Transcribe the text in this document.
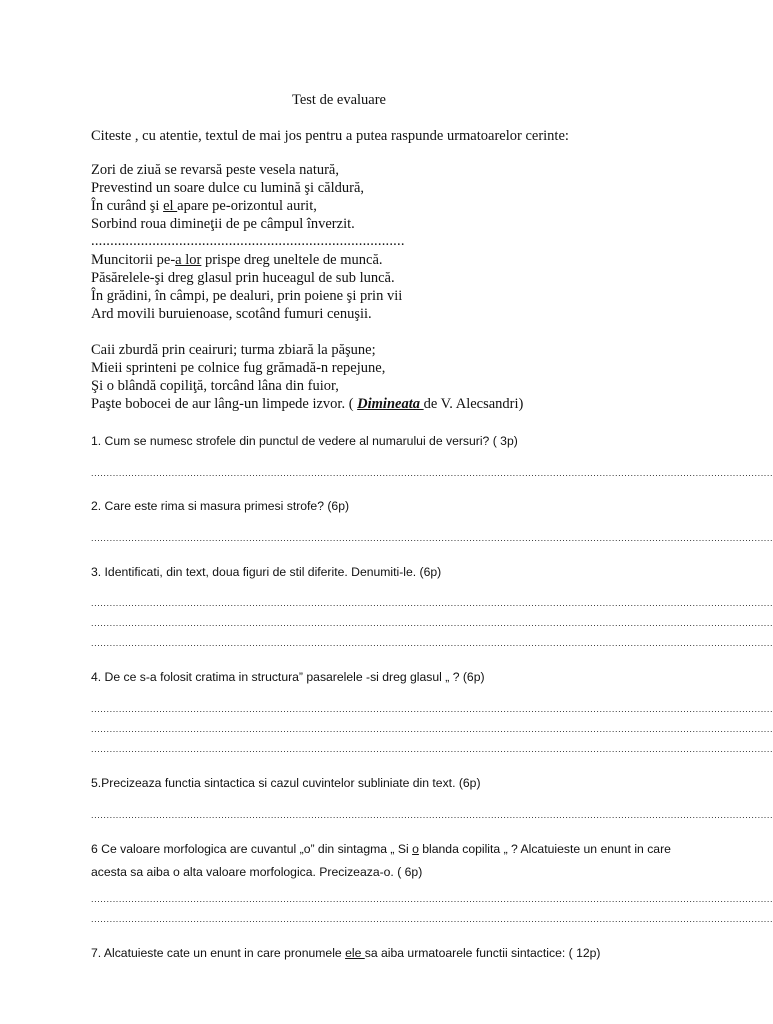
Test de evaluare
Citeste , cu atentie, textul de mai jos pentru a putea raspunde urmatoarelor cerinte:
Zori de ziuă se revarsă peste vesela natură,
Prevestind un soare dulce cu lumină şi căldură,
În curând şi el apare pe-orizontul aurit,
Sorbind roua dimineţii de pe câmpul înverzit.
..................................................................................
Muncitorii pe-a lor prispe dreg uneltele de muncă.
Păsărelele-şi dreg glasul prin huceagul de sub luncă.
În grădini, în câmpi, pe dealuri, prin poiene şi prin vii
Ard movili buruienoase, scotând fumuri cenuşii.
Caii zburdă prin ceairuri; turma zbiară la păşune;
Mieii sprinteni pe colnice fug grămadă-n repejune,
Şi o blândă copiliţă, torcând lâna din fuior,
Paşte bobocei de aur lâng-un limpede izvor. ( Dimineata de V. Alecsandri)
1. Cum se numesc strofele din punctul de vedere al numarului de versuri? ( 3p)
............................................................................................................................................................................................................................
2. Care este rima si masura primesi strofe? (6p)
............................................................................................................................................................................................................................
3. Identificati, din text, doua figuri de stil diferite. Denumiti-le. (6p)
............................................................................................................................................................................................................................
............................................................................................................................................................................................................................
............................................................................................................................................................................................................................
4. De ce s-a folosit cratima in structura” pasarelele -si dreg glasul „ ? (6p)
............................................................................................................................................................................................................................
............................................................................................................................................................................................................................
............................................................................................................................................................................................................................
5.Precizeaza functia sintactica si cazul cuvintelor subliniate din text. (6p)
............................................................................................................................................................................................................................
6 Ce valoare morfologica are cuvantul „o” din sintagma „ Si o blanda copilita „ ? Alcatuieste un enunt in care acesta sa aiba o alta valoare morfologica. Precizeaza-o. ( 6p)
............................................................................................................................................................................................................................
............................................................................................................................................................................................................................
7. Alcatuieste cate un enunt in care pronumele ele sa aiba urmatoarele functii sintactice: ( 12p)
